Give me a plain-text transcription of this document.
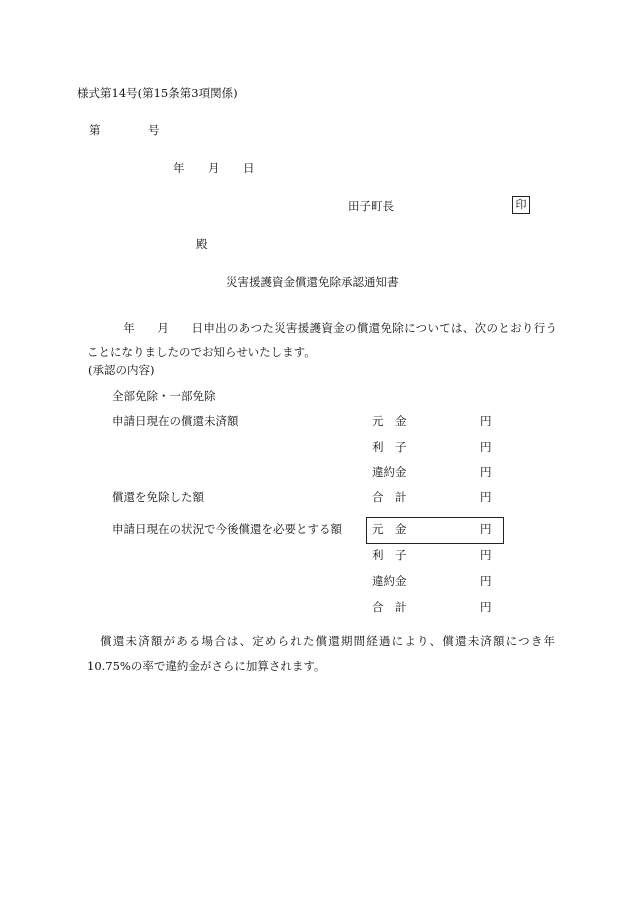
様式第14号(第15条第3項関係)
第	号
年 月 日
田子町長	印
殿
災害援護資金償還免除承認通知書
年 月 日申出のあつた災害援護資金の償還免除については、次のとおり行うことになりましたのでお知らせいたします。
(承認の内容)
全部免除・一部免除
申請日現在の償還未済額	元　金	円
利　子	円
違約金	円
償還を免除した額	合　計	円
申請日現在の状況で今後償還を必要とする額	元　金	円
利　子	円
違約金	円
合　計	円
償還未済額がある場合は、定められた償還期間経過により、償還未済額につき年10.75%の率で違約金がさらに加算されます。
